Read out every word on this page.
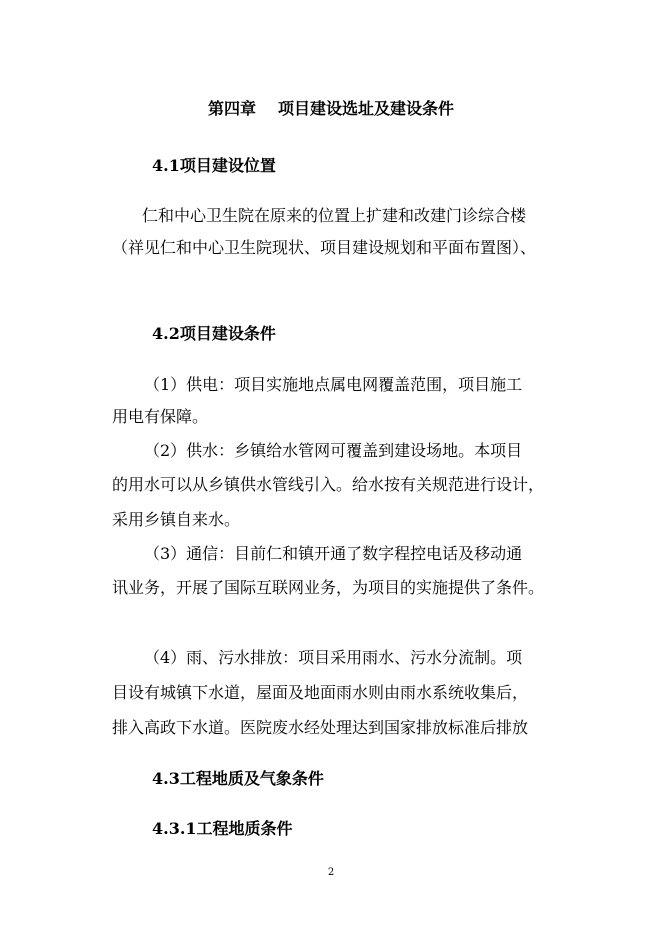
第四章 项目建设选址及建设条件
4.1项目建设位置
仁和中心卫生院在原来的位置上扩建和改建门诊综合楼
（祥见仁和中心卫生院现状、项目建设规划和平面布置图）、
4.2项目建设条件
（1）供电：项目实施地点属电网覆盖范围，项目施工
用电有保障。
（2）供水：乡镇给水管网可覆盖到建设场地。本项目
的用水可以从乡镇供水管线引入。给水按有关规范进行设计，
采用乡镇自来水。
（3）通信：目前仁和镇开通了数字程控电话及移动通
讯业务，开展了国际互联网业务，为项目的实施提供了条件。
（4）雨、污水排放：项目采用雨水、污水分流制。项
目设有城镇下水道，屋面及地面雨水则由雨水系统收集后，
排入高政下水道。医院废水经处理达到国家排放标准后排放
4.3工程地质及气象条件
4.3.1工程地质条件
2
